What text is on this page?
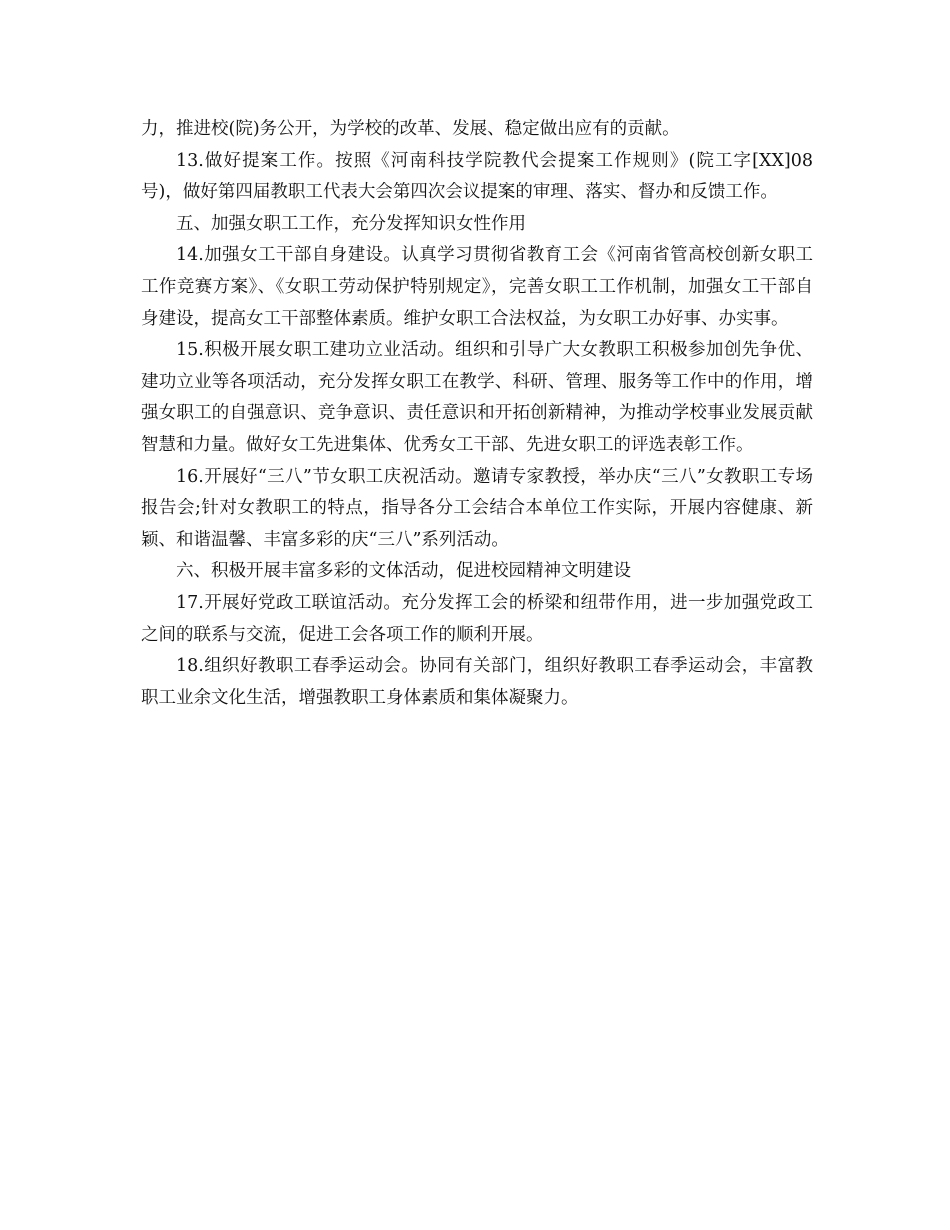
力，推进校(院)务公开，为学校的改革、发展、稳定做出应有的贡献。

13.做好提案工作。按照《河南科技学院教代会提案工作规则》(院工字[XX]08号)，做好第四届教职工代表大会第四次会议提案的审理、落实、督办和反馈工作。

五、加强女职工工作，充分发挥知识女性作用

14.加强女工干部自身建设。认真学习贯彻省教育工会《河南省管高校创新女职工工作竞赛方案》、《女职工劳动保护特别规定》，完善女职工工作机制，加强女工干部自身建设，提高女工干部整体素质。维护女职工合法权益，为女职工办好事、办实事。

15.积极开展女职工建功立业活动。组织和引导广大女教职工积极参加创先争优、建功立业等各项活动，充分发挥女职工在教学、科研、管理、服务等工作中的作用，增强女职工的自强意识、竞争意识、责任意识和开拓创新精神，为推动学校事业发展贡献智慧和力量。做好女工先进集体、优秀女工干部、先进女职工的评选表彰工作。

16.开展好“三八”节女职工庆祝活动。邀请专家教授，举办庆“三八”女教职工专场报告会;针对女教职工的特点，指导各分工会结合本单位工作实际，开展内容健康、新颖、和谐温馨、丰富多彩的庆“三八”系列活动。

六、积极开展丰富多彩的文体活动，促进校园精神文明建设

17.开展好党政工联谊活动。充分发挥工会的桥梁和纽带作用，进一步加强党政工之间的联系与交流，促进工会各项工作的顺利开展。

18.组织好教职工春季运动会。协同有关部门，组织好教职工春季运动会，丰富教职工业余文化生活，增强教职工身体素质和集体凝聚力。
